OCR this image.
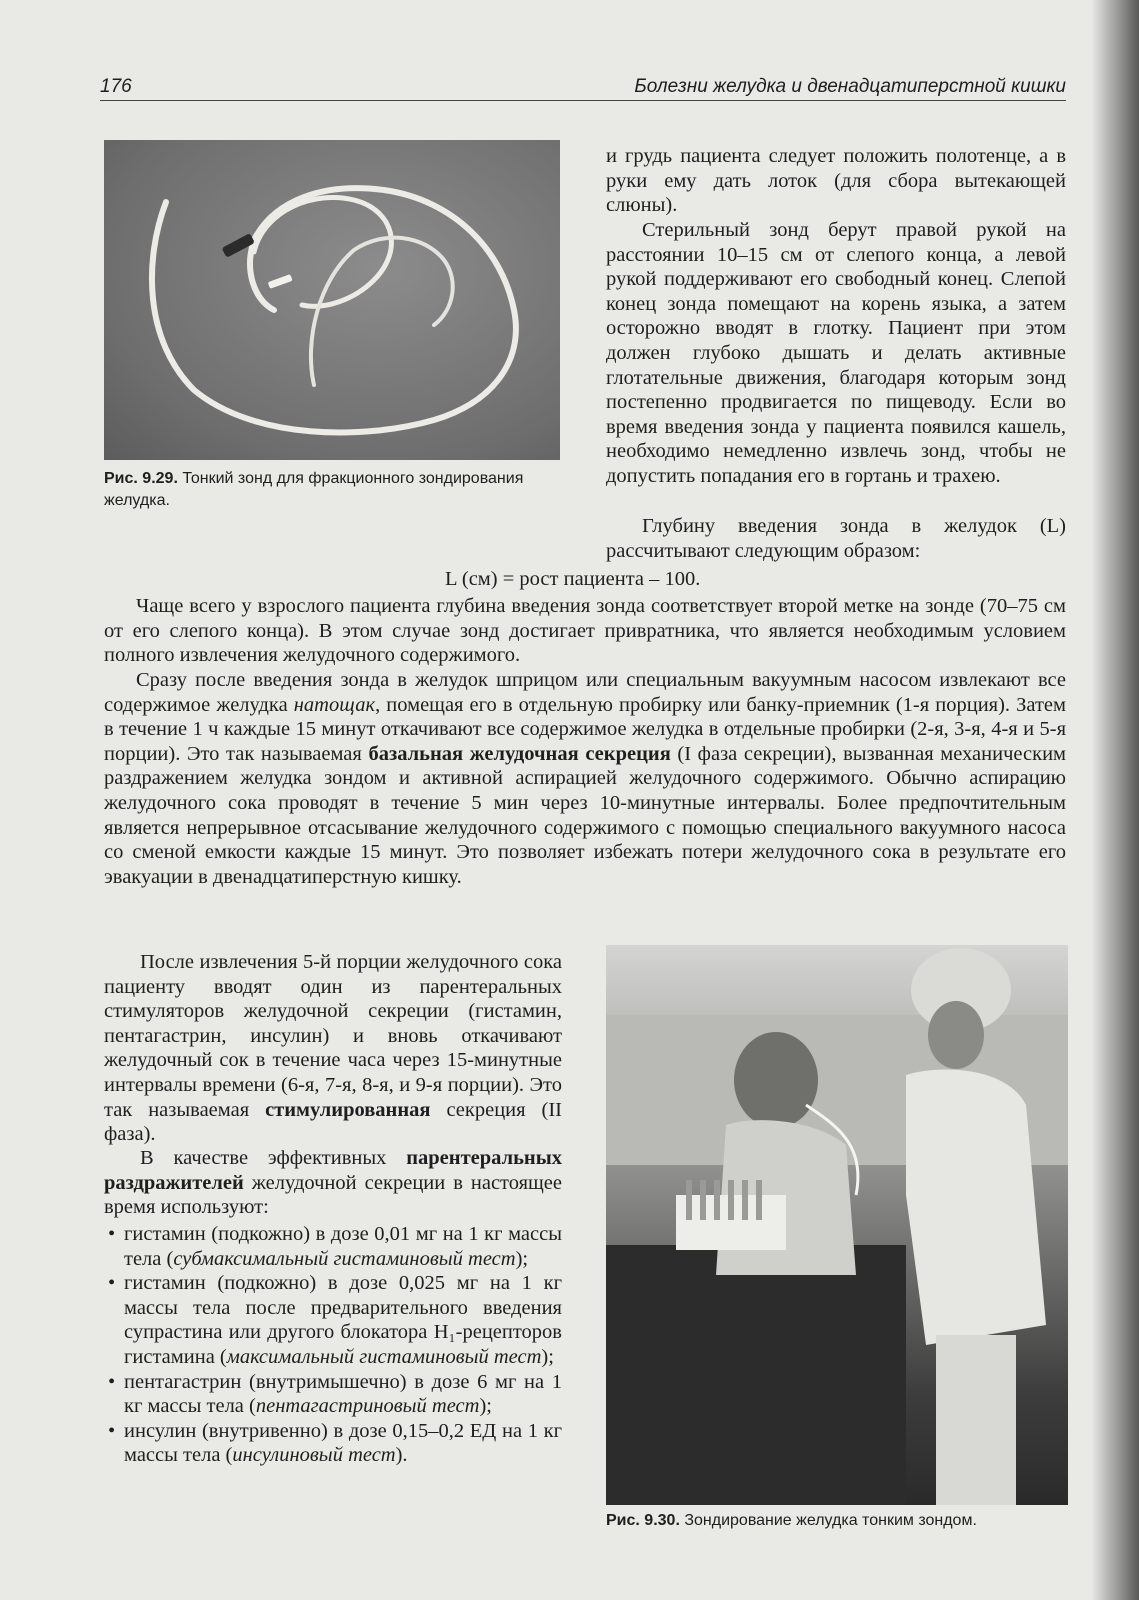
176	Болезни желудка и двенадцатиперстной кишки

Рис. 9.29. Тонкий зонд для фракционного зондирования желудка.

и грудь пациента следует положить полотенце, а в руки ему дать лоток (для сбора вытекающей слюны).

Стерильный зонд берут правой рукой на расстоянии 10–15 см от слепого конца, а левой рукой поддерживают его свободный конец. Слепой конец зонда помещают на корень языка, а затем осторожно вводят в глотку. Пациент при этом должен глубоко дышать и делать активные глотательные движения, благодаря которым зонд постепенно продвигается по пищеводу. Если во время введения зонда у пациента появился кашель, необходимо немедленно извлечь зонд, чтобы не допустить попадания его в гортань и трахею.

Глубину введения зонда в желудок (L) рассчитывают следующим образом:

L (см) = рост пациента – 100.

Чаще всего у взрослого пациента глубина введения зонда соответствует второй метке на зонде (70–75 см от его слепого конца). В этом случае зонд достигает привратника, что является необходимым условием полного извлечения желудочного содержимого.

Сразу после введения зонда в желудок шприцом или специальным вакуумным насосом извлекают все содержимое желудка натощак, помещая его в отдельную пробирку или банку-приемник (1-я порция). Затем в течение 1 ч каждые 15 минут откачивают все содержимое желудка в отдельные пробирки (2-я, 3-я, 4-я и 5-я порции). Это так называемая базальная желудочная секреция (I фаза секреции), вызванная механическим раздражением желудка зондом и активной аспирацией желудочного содержимого. Обычно аспирацию желудочного сока проводят в течение 5 мин через 10-минутные интервалы. Более предпочтительным является непрерывное отсасывание желудочного содержимого с помощью специального вакуумного насоса со сменой емкости каждые 15 минут. Это позволяет избежать потери желудочного сока в результате его эвакуации в двенадцатиперстную кишку.

После извлечения 5-й порции желудочного сока пациенту вводят один из парентеральных стимуляторов желудочной секреции (гистамин, пентагастрин, инсулин) и вновь откачивают желудочный сок в течение часа через 15-минутные интервалы времени (6-я, 7-я, 8-я, и 9-я порции). Это так называемая стимулированная секреция (II фаза).

В качестве эффективных парентеральных раздражителей желудочной секреции в настоящее время используют:

• гистамин (подкожно) в дозе 0,01 мг на 1 кг массы тела (субмаксимальный гистаминовый тест);
• гистамин (подкожно) в дозе 0,025 мг на 1 кг массы тела после предварительного введения супрастина или другого блокатора H₁-рецепторов гистамина (максимальный гистаминовый тест);
• пентагастрин (внутримышечно) в дозе 6 мг на 1 кг массы тела (пентагастриновый тест);
• инсулин (внутривенно) в дозе 0,15–0,2 ЕД на 1 кг массы тела (инсулиновый тест).

Рис. 9.30. Зондирование желудка тонким зондом.
